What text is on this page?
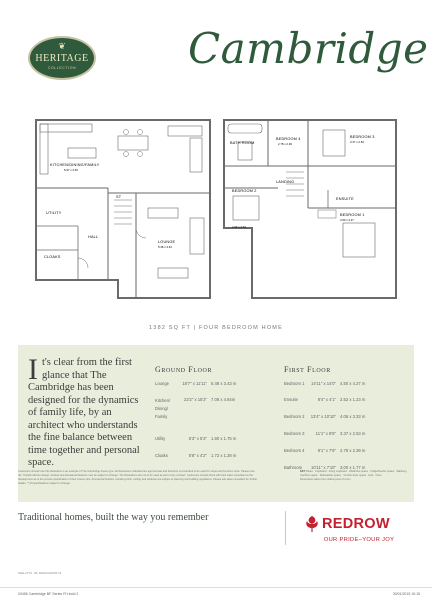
❦
HERITAGE
COLLECTION	Cambridge
KITCHEN/DINING/FAMILY
5.97 x 4.45
UTILITY
HALL
CLOAKS
LOUNGE
5.48 x 3.43
ST
BATH ROOM
BEDROOM 4
2.78 x 2.39
BEDROOM 3
3.37 x 2.53
LANDING
BEDROOM 2
4.06 x 3.33
ENSUITE
BEDROOM 1
4.50 x 4.27
1382 SQ FT | FOUR BEDROOM HOME
It's clear from the first glance that The Cambridge has been designed for the dynamics of family life, by an architect who understands the fine balance between time together and personal space.
Ground Floor
Lounge	18'7" x 11'11" 5.48 x 3.43 m
Kitchen/ Dining/ Family
23'2" x 15'3" 7.08 x 4.64m
Utility	6'3" x 5'3" 1.90 x 1.75 m
Cloaks	5'8" x 4'2" 1.72 x 1.28 m
First Floor
Bedroom 1 14'11" x 14'0" 4.50 x 4.27 m
Ensuite	8'4" x 4'1" 2.52 x 1.23 m
Bedroom 2 13'4" x 10'10" 4.06 x 3.33 m
Bedroom 3	11'1" x 8'8" 3.37 x 2.53 m
Bedroom 4	9'1" x 7'9" 2.78 x 2.39 m
Bathroom 10'11" x 7'10" 3.00 x 1.77 m
Customers should note this illustration is an example of The Cambridge house type. All dimensions indicated are approximate and therefore not intended to be used for carpet and furniture sizes. Please note the 'Yourkitt' kitchen design, window and elevational features may be subject to change. The illustrations are not to be used as part of any contract. Customers should check with their sales consultant at the development as to the precise specification of their chosen plot. All external finishes, including brick, roofing and windows are subject to planning and building regulations. Please ask sales consultant for further details. ** All specifications subject to change.
KEY Boiler · Cupboard · Airing cupboard · Wardrobe space · Fridge/freezer space · Washing machine space · Dishwasher space · Tumble dryer space · Hob · Oven
Dimensions taken from widest point of room
Traditional homes, built the way you remember	REDROW
OUR PRIDE–YOUR JOY
SHE-2774 . RL DHD/CAM/03 V1
03456 Cambridge BF Series FH.indd 2	30/01/2015 15:15
